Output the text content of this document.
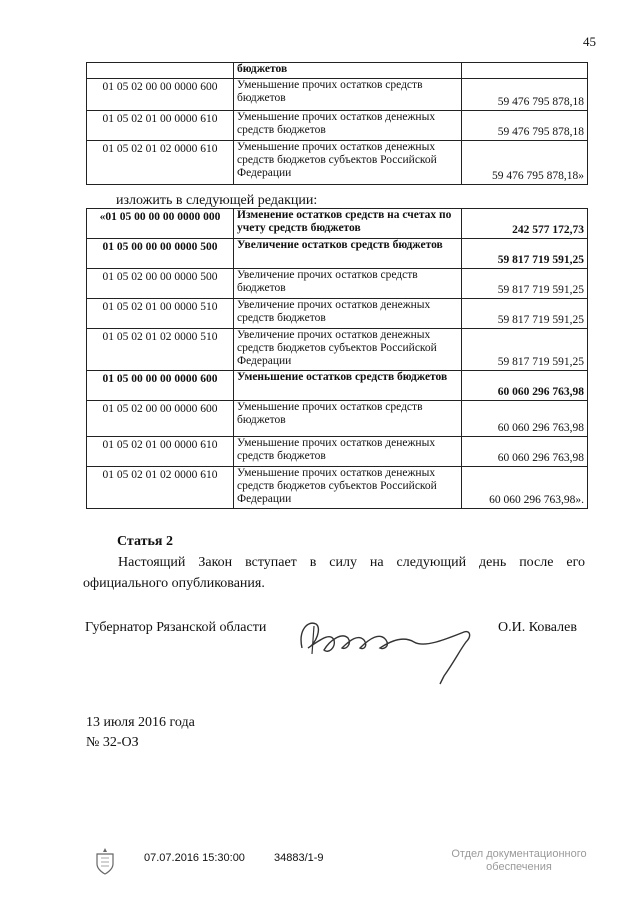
45
	бюджетов	
01 05 02 00 00 0000 600	Уменьшение прочих остатков средств бюджетов	59 476 795 878,18
01 05 02 01 00 0000 610	Уменьшение прочих остатков денежных средств бюджетов	59 476 795 878,18
01 05 02 01 02 0000 610	Уменьшение прочих остатков денежных средств бюджетов субъектов Российской Федерации	59 476 795 878,18»
изложить в следующей редакции:
«01 05 00 00 00 0000 000	Изменение остатков средств на счетах по учету средств бюджетов	242 577 172,73
01 05 00 00 00 0000 500	Увеличение остатков средств бюджетов	59 817 719 591,25
01 05 02 00 00 0000 500	Увеличение прочих остатков средств бюджетов	59 817 719 591,25
01 05 02 01 00 0000 510	Увеличение прочих остатков денежных средств бюджетов	59 817 719 591,25
01 05 02 01 02 0000 510	Увеличение прочих остатков денежных средств бюджетов субъектов Российской Федерации	59 817 719 591,25
01 05 00 00 00 0000 600	Уменьшение остатков средств бюджетов	60 060 296 763,98
01 05 02 00 00 0000 600	Уменьшение прочих остатков средств бюджетов	60 060 296 763,98
01 05 02 01 00 0000 610	Уменьшение прочих остатков денежных средств бюджетов	60 060 296 763,98
01 05 02 01 02 0000 610	Уменьшение прочих остатков денежных средств бюджетов субъектов Российской Федерации	60 060 296 763,98».
Статья 2
Настоящий Закон вступает в силу на следующий день после его официального опубликования.
Губернатор Рязанской области	О.И. Ковалев
13 июля 2016 года
№ 32-ОЗ
07.07.2016 15:30:00	34883/1-9	Отдел документационного
обеспечения
